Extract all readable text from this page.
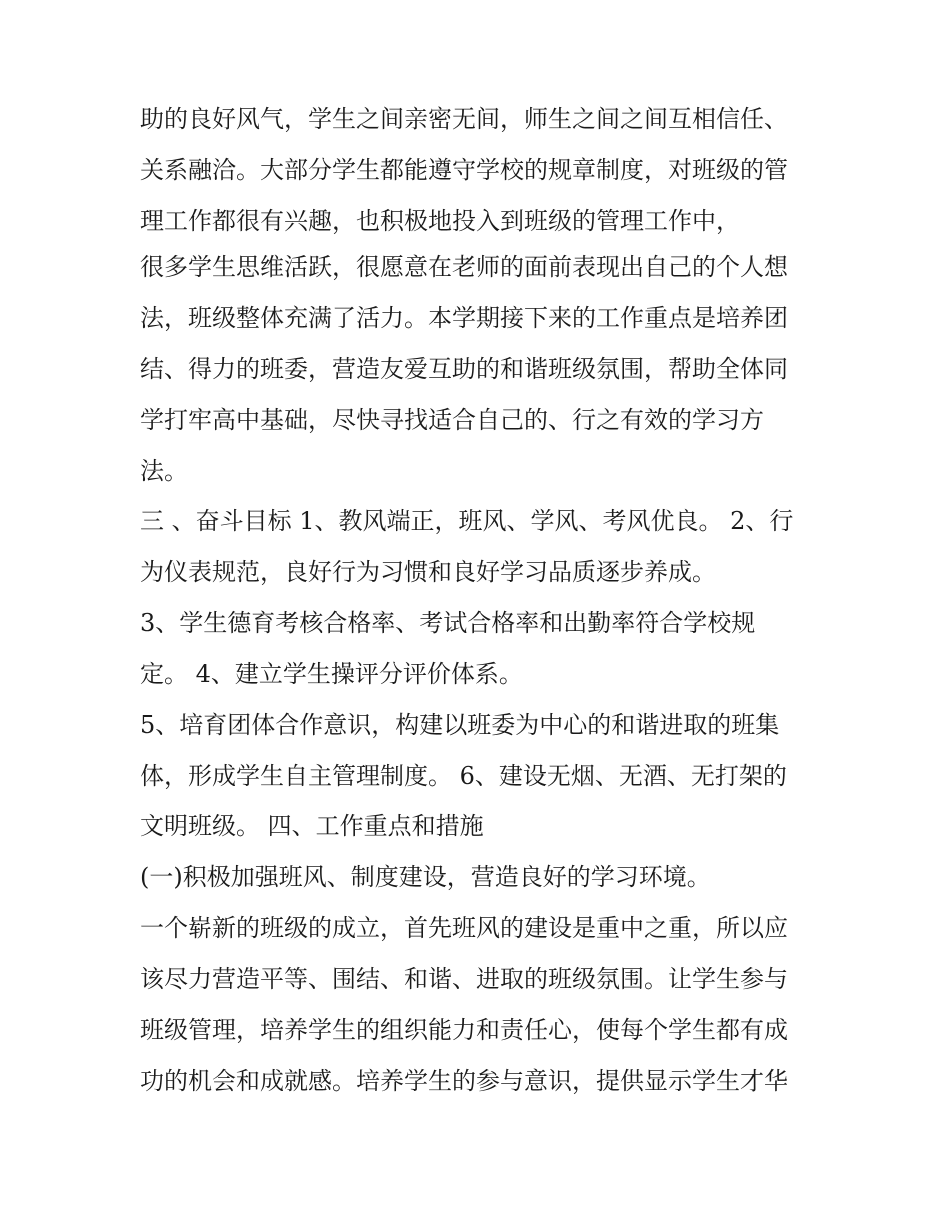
助的良好风气，学生之间亲密无间，师生之间之间互相信任、
关系融洽。大部分学生都能遵守学校的规章制度，对班级的管
理工作都很有兴趣，也积极地投入到班级的管理工作中，
很多学生思维活跃，很愿意在老师的面前表现出自己的个人想
法，班级整体充满了活力。本学期接下来的工作重点是培养团
结、得力的班委，营造友爱互助的和谐班级氛围，帮助全体同
学打牢高中基础，尽快寻找适合自己的、行之有效的学习方
法。
三 、奋斗目标 1、教风端正，班风、学风、考风优良。 2、行
为仪表规范，良好行为习惯和良好学习品质逐步养成。
3、学生德育考核合格率、考试合格率和出勤率符合学校规
定。 4、建立学生操评分评价体系。
5、培育团体合作意识，构建以班委为中心的和谐进取的班集
体，形成学生自主管理制度。 6、建设无烟、无酒、无打架的
文明班级。 四、工作重点和措施
(一)积极加强班风、制度建设，营造良好的学习环境。
一个崭新的班级的成立，首先班风的建设是重中之重，所以应
该尽力营造平等、围结、和谐、进取的班级氛围。让学生参与
班级管理，培养学生的组织能力和责任心，使每个学生都有成
功的机会和成就感。培养学生的参与意识，提供显示学生才华
